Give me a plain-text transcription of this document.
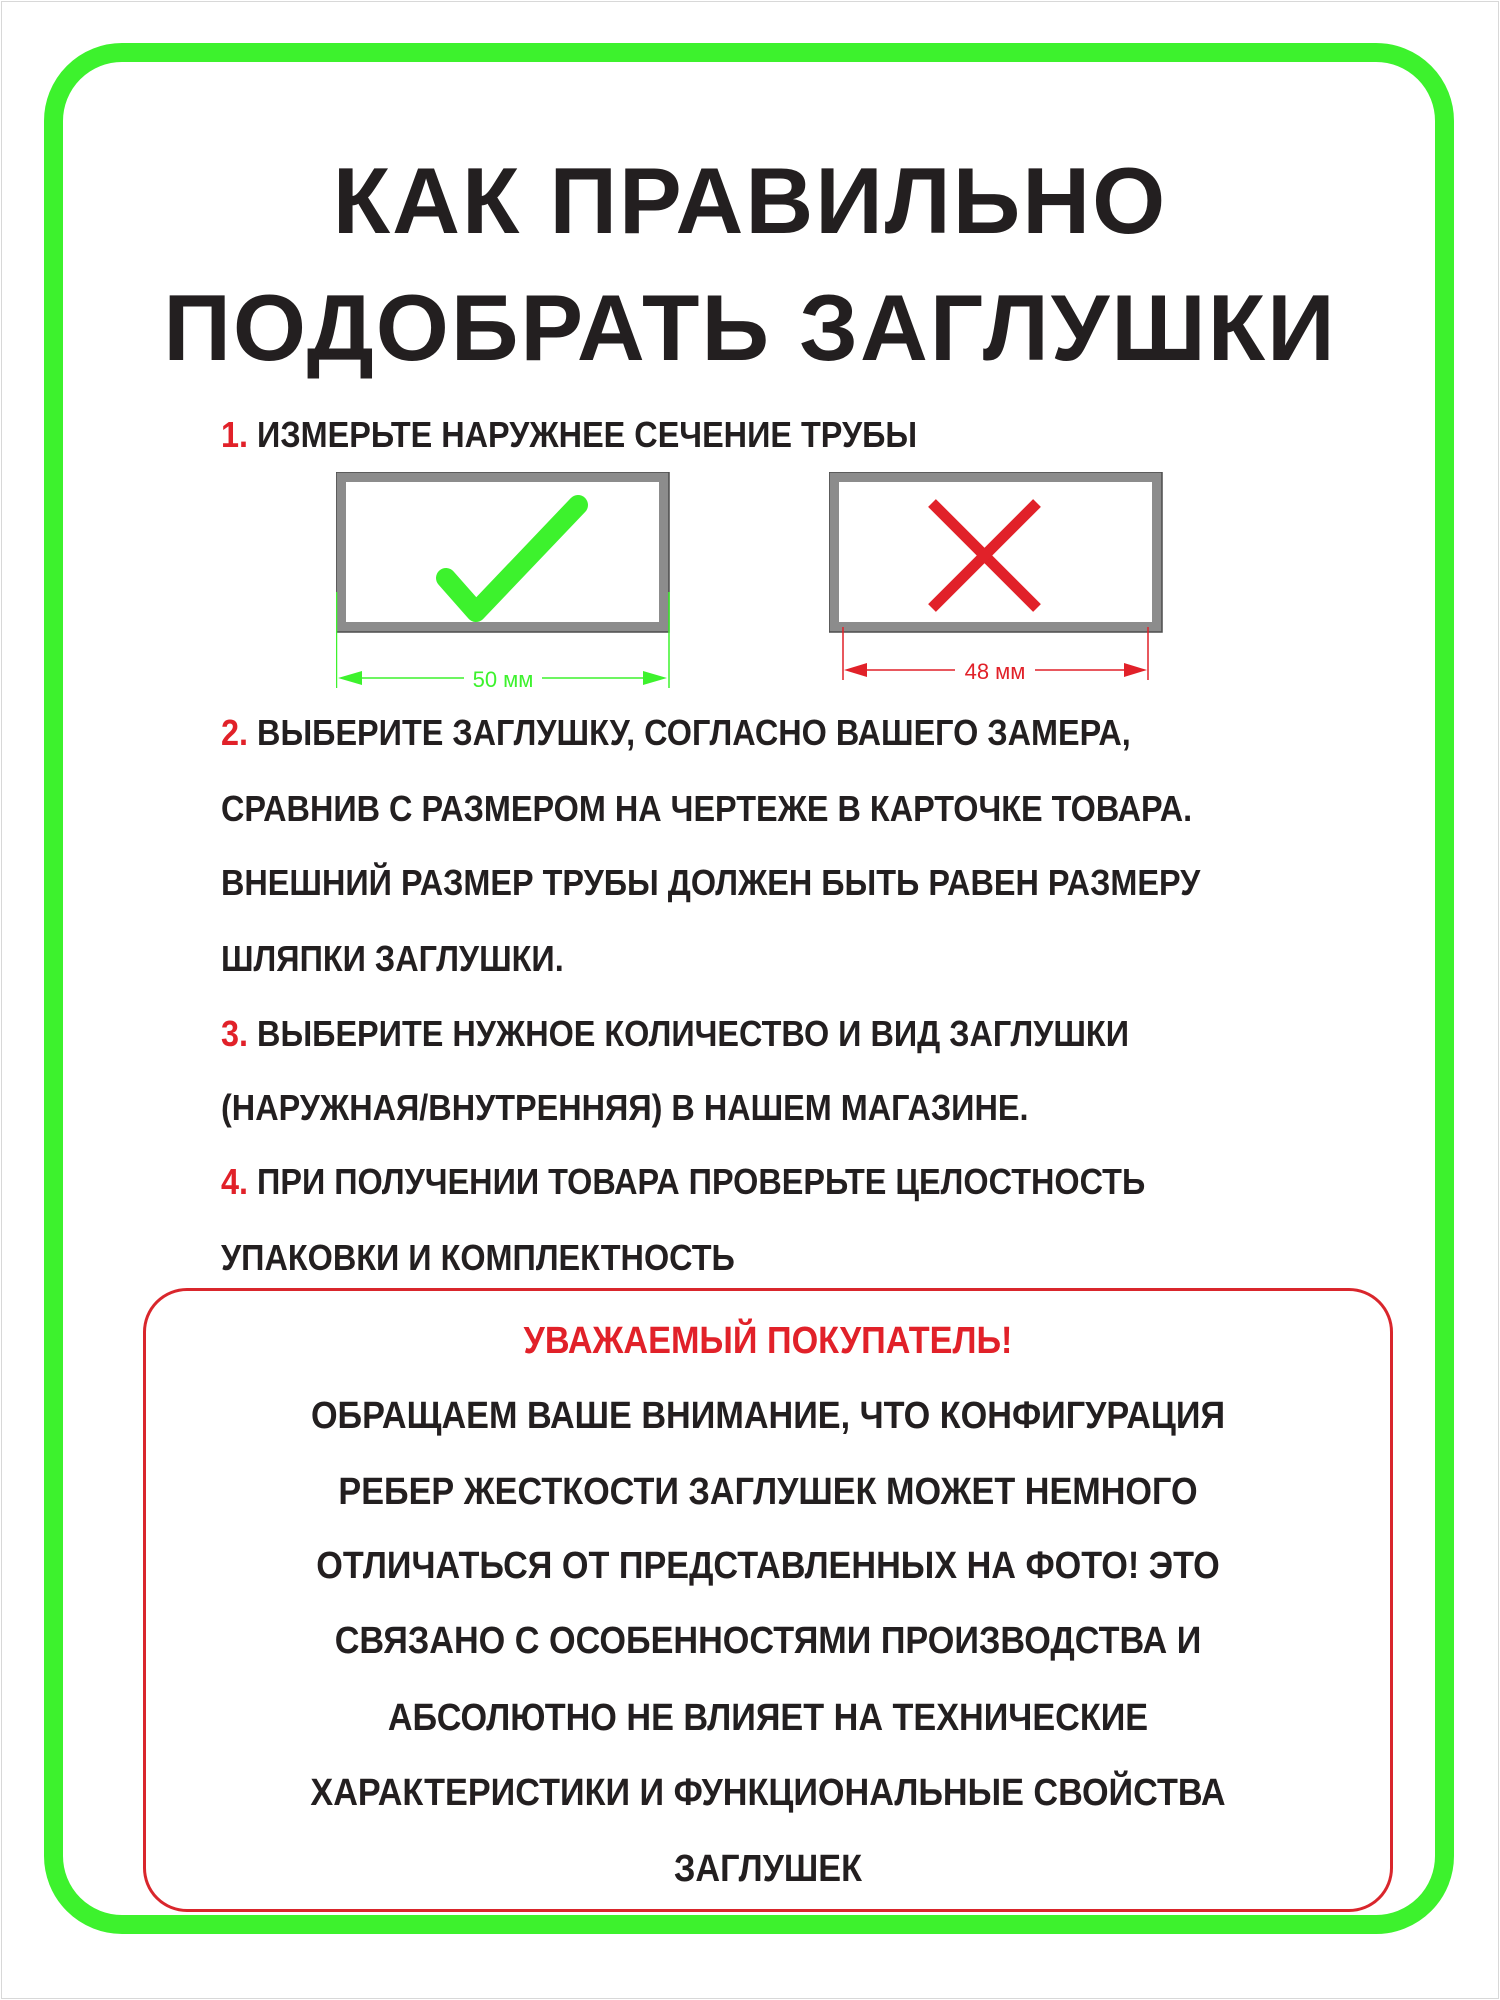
КАК ПРАВИЛЬНО
ПОДОБРАТЬ ЗАГЛУШКИ
1. ИЗМЕРЬТЕ НАРУЖНЕЕ СЕЧЕНИЕ ТРУБЫ
50 мм	48 мм
2. ВЫБЕРИТЕ ЗАГЛУШКУ, СОГЛАСНО ВАШЕГО ЗАМЕРА,
СРАВНИВ С РАЗМЕРОМ НА ЧЕРТЕЖЕ В КАРТОЧКЕ ТОВАРА.
ВНЕШНИЙ РАЗМЕР ТРУБЫ ДОЛЖЕН БЫТЬ РАВЕН РАЗМЕРУ
ШЛЯПКИ ЗАГЛУШКИ.
3. ВЫБЕРИТЕ НУЖНОЕ КОЛИЧЕСТВО И ВИД ЗАГЛУШКИ
(НАРУЖНАЯ/ВНУТРЕННЯЯ) В НАШЕМ МАГАЗИНЕ.
4. ПРИ ПОЛУЧЕНИИ ТОВАРА ПРОВЕРЬТЕ ЦЕЛОСТНОСТЬ
УПАКОВКИ И КОМПЛЕКТНОСТЬ
УВАЖАЕМЫЙ ПОКУПАТЕЛЬ!
ОБРАЩАЕМ ВАШЕ ВНИМАНИЕ, ЧТО КОНФИГУРАЦИЯ
РЕБЕР ЖЕСТКОСТИ ЗАГЛУШЕК МОЖЕТ НЕМНОГО
ОТЛИЧАТЬСЯ ОТ ПРЕДСТАВЛЕННЫХ НА ФОТО! ЭТО
СВЯЗАНО С ОСОБЕННОСТЯМИ ПРОИЗВОДСТВА И
АБСОЛЮТНО НЕ ВЛИЯЕТ НА ТЕХНИЧЕСКИЕ
ХАРАКТЕРИСТИКИ И ФУНКЦИОНАЛЬНЫЕ СВОЙСТВА
ЗАГЛУШЕК
